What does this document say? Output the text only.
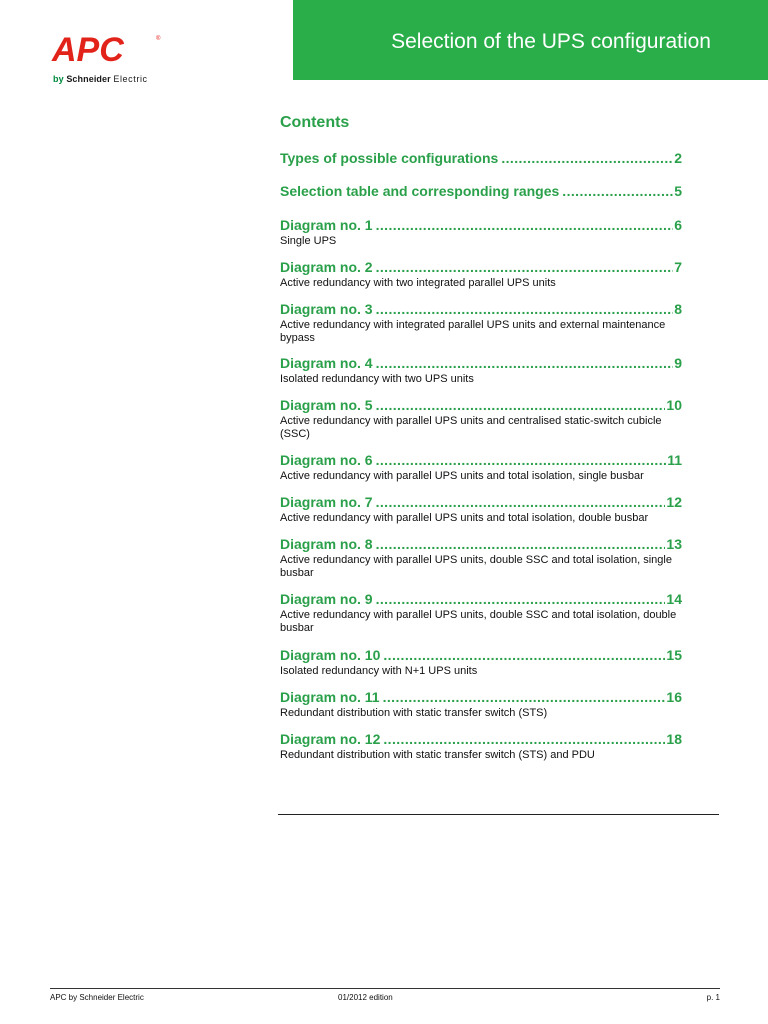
APC	®
by Schneider Electric
Selection of the UPS configuration
Contents
Types of possible configurations .....	2
Selection table and corresponding ranges .....	5
Diagram no. 1 .....	6
Single UPS
Diagram no. 2 .....	7
Active redundancy with two integrated parallel UPS units
Diagram no. 3 .....	8
Active redundancy with integrated parallel UPS units and external maintenance bypass
Diagram no. 4 .....	9
Isolated redundancy with two UPS units
Diagram no. 5 .....	10
Active redundancy with parallel UPS units and centralised static-switch cubicle (SSC)
Diagram no. 6 .....	11
Active redundancy with parallel UPS units and total isolation, single busbar
Diagram no. 7 .....	12
Active redundancy with parallel UPS units and total isolation, double busbar
Diagram no. 8 .....	13
Active redundancy with parallel UPS units, double SSC and total isolation, single busbar
Diagram no. 9 .....	14
Active redundancy with parallel UPS units, double SSC and total isolation, double busbar
Diagram no. 10 .....	15
Isolated redundancy with N+1 UPS units
Diagram no. 11 .....	16
Redundant distribution with static transfer switch (STS)
Diagram no. 12 .....	18
Redundant distribution with static transfer switch (STS) and PDU
APC by Schneider Electric	01/2012 edition	p. 1
